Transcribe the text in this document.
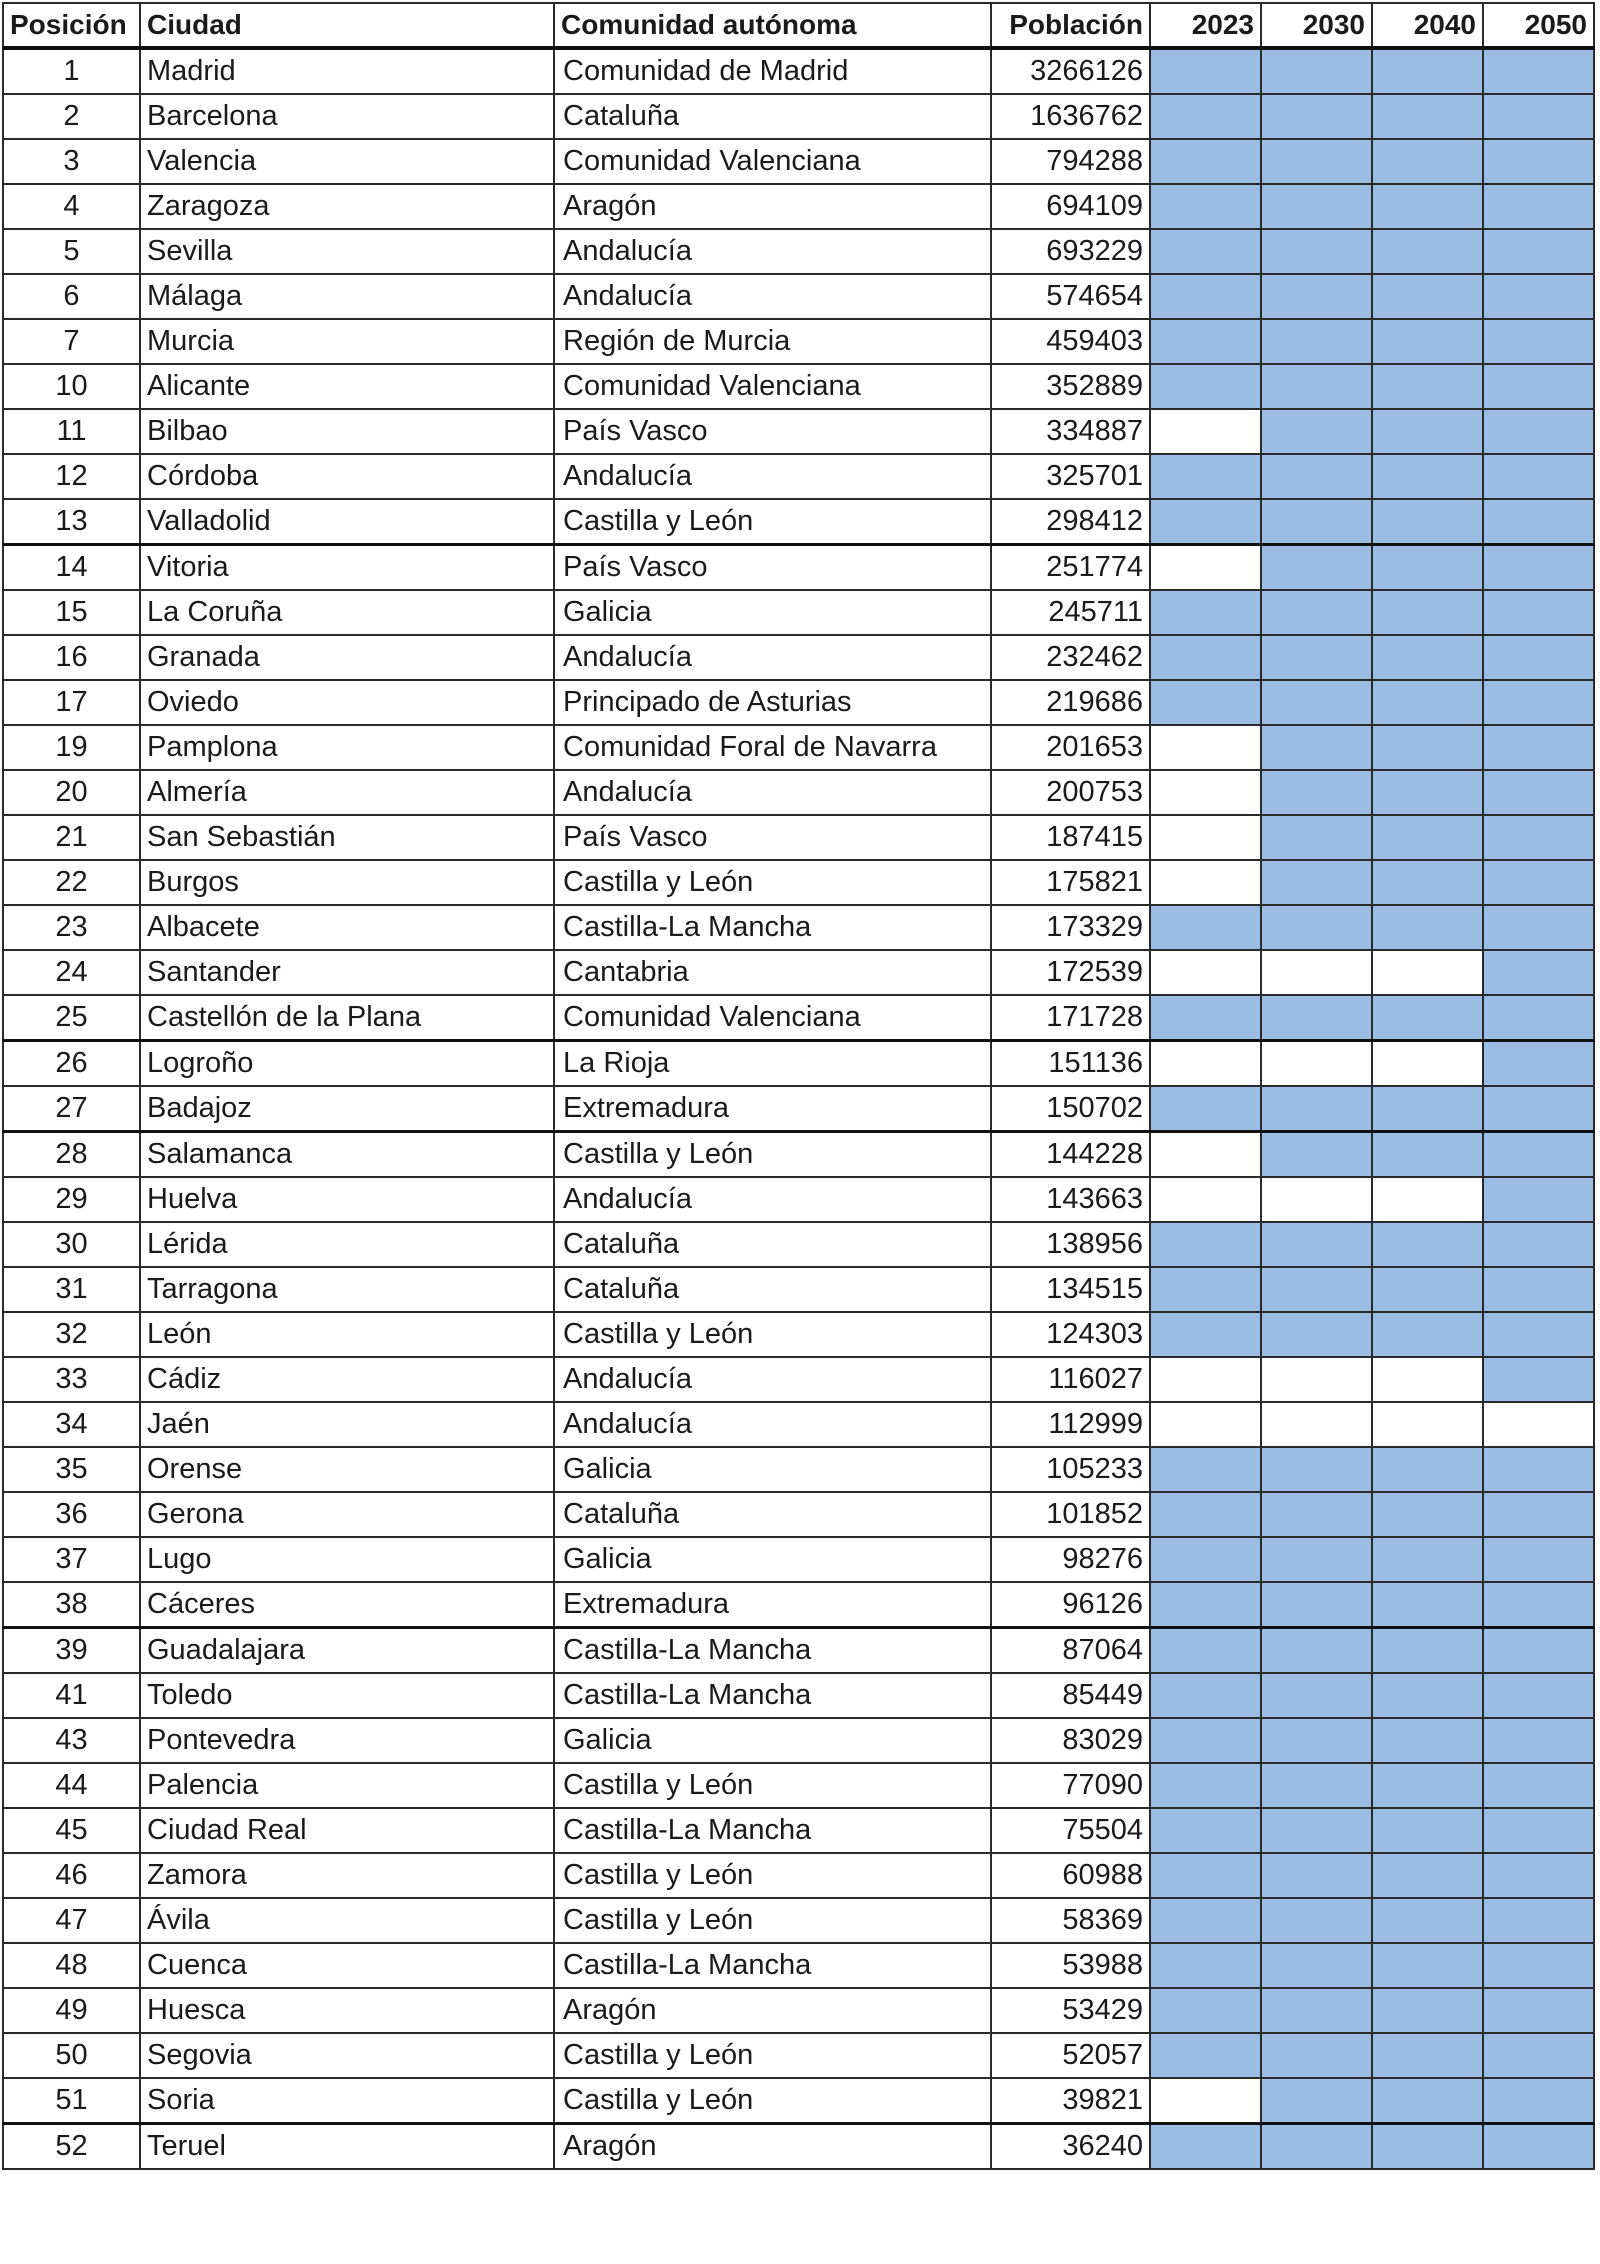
Posición	Ciudad	Comunidad autónoma	Población	2023	2030	2040	2050
1	Madrid	Comunidad de Madrid	3266126				
2	Barcelona	Cataluña	1636762				
3	Valencia	Comunidad Valenciana	794288				
4	Zaragoza	Aragón	694109				
5	Sevilla	Andalucía	693229				
6	Málaga	Andalucía	574654				
7	Murcia	Región de Murcia	459403				
10	Alicante	Comunidad Valenciana	352889				
11	Bilbao	País Vasco	334887				
12	Córdoba	Andalucía	325701				
13	Valladolid	Castilla y León	298412				
14	Vitoria	País Vasco	251774				
15	La Coruña	Galicia	245711				
16	Granada	Andalucía	232462				
17	Oviedo	Principado de Asturias	219686				
19	Pamplona	Comunidad Foral de Navarra	201653				
20	Almería	Andalucía	200753				
21	San Sebastián	País Vasco	187415				
22	Burgos	Castilla y León	175821				
23	Albacete	Castilla-La Mancha	173329				
24	Santander	Cantabria	172539				
25	Castellón de la Plana	Comunidad Valenciana	171728				
26	Logroño	La Rioja	151136				
27	Badajoz	Extremadura	150702				
28	Salamanca	Castilla y León	144228				
29	Huelva	Andalucía	143663				
30	Lérida	Cataluña	138956				
31	Tarragona	Cataluña	134515				
32	León	Castilla y León	124303				
33	Cádiz	Andalucía	116027				
34	Jaén	Andalucía	112999				
35	Orense	Galicia	105233				
36	Gerona	Cataluña	101852				
37	Lugo	Galicia	98276				
38	Cáceres	Extremadura	96126				
39	Guadalajara	Castilla-La Mancha	87064				
41	Toledo	Castilla-La Mancha	85449				
43	Pontevedra	Galicia	83029				
44	Palencia	Castilla y León	77090				
45	Ciudad Real	Castilla-La Mancha	75504				
46	Zamora	Castilla y León	60988				
47	Ávila	Castilla y León	58369				
48	Cuenca	Castilla-La Mancha	53988				
49	Huesca	Aragón	53429				
50	Segovia	Castilla y León	52057				
51	Soria	Castilla y León	39821				
52	Teruel	Aragón	36240				
